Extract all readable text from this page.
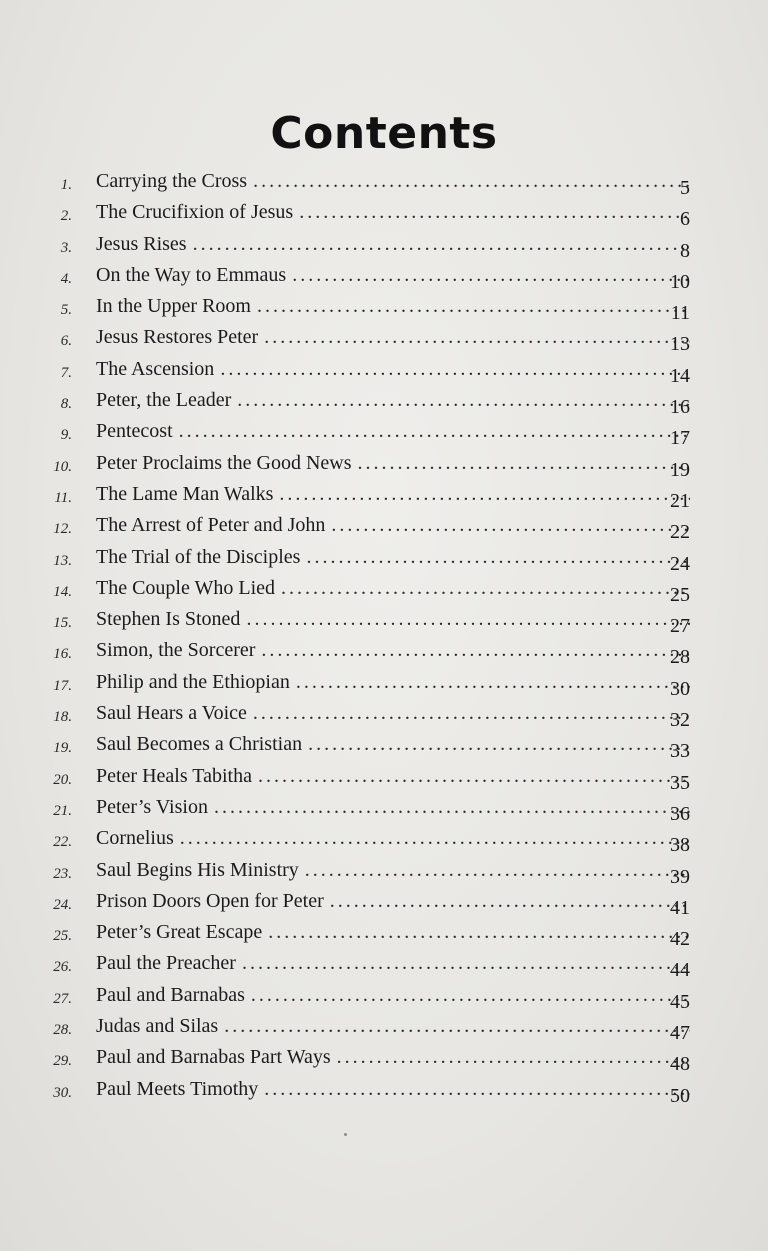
Contents
1. Carrying the Cross . . .	5
2. The Crucifixion of Jesus . . .	6
3. Jesus Rises . . .	8
4. On the Way to Emmaus . . .	10
5. In the Upper Room . . .	11
6. Jesus Restores Peter . . .	13
7. The Ascension . . .	14
8. Peter, the Leader . . .	16
9. Pentecost . . .	17
10. Peter Proclaims the Good News . . .	19
11. The Lame Man Walks . . .	21
12. The Arrest of Peter and John . . .	22
13. The Trial of the Disciples . . .	24
14. The Couple Who Lied . . .	25
15. Stephen Is Stoned . . .	27
16. Simon, the Sorcerer . . .	28
17. Philip and the Ethiopian . . .	30
18. Saul Hears a Voice . . .	32
19. Saul Becomes a Christian . . .	33
20. Peter Heals Tabitha . . .	35
21. Peter’s Vision . . .	36
22. Cornelius . . .	38
23. Saul Begins His Ministry . . .	39
24. Prison Doors Open for Peter . . .	41
25. Peter’s Great Escape . . .	42
26. Paul the Preacher . . .	44
27. Paul and Barnabas . . .	45
28. Judas and Silas . . .	47
29. Paul and Barnabas Part Ways . . .	48
30. Paul Meets Timothy . . .	50
